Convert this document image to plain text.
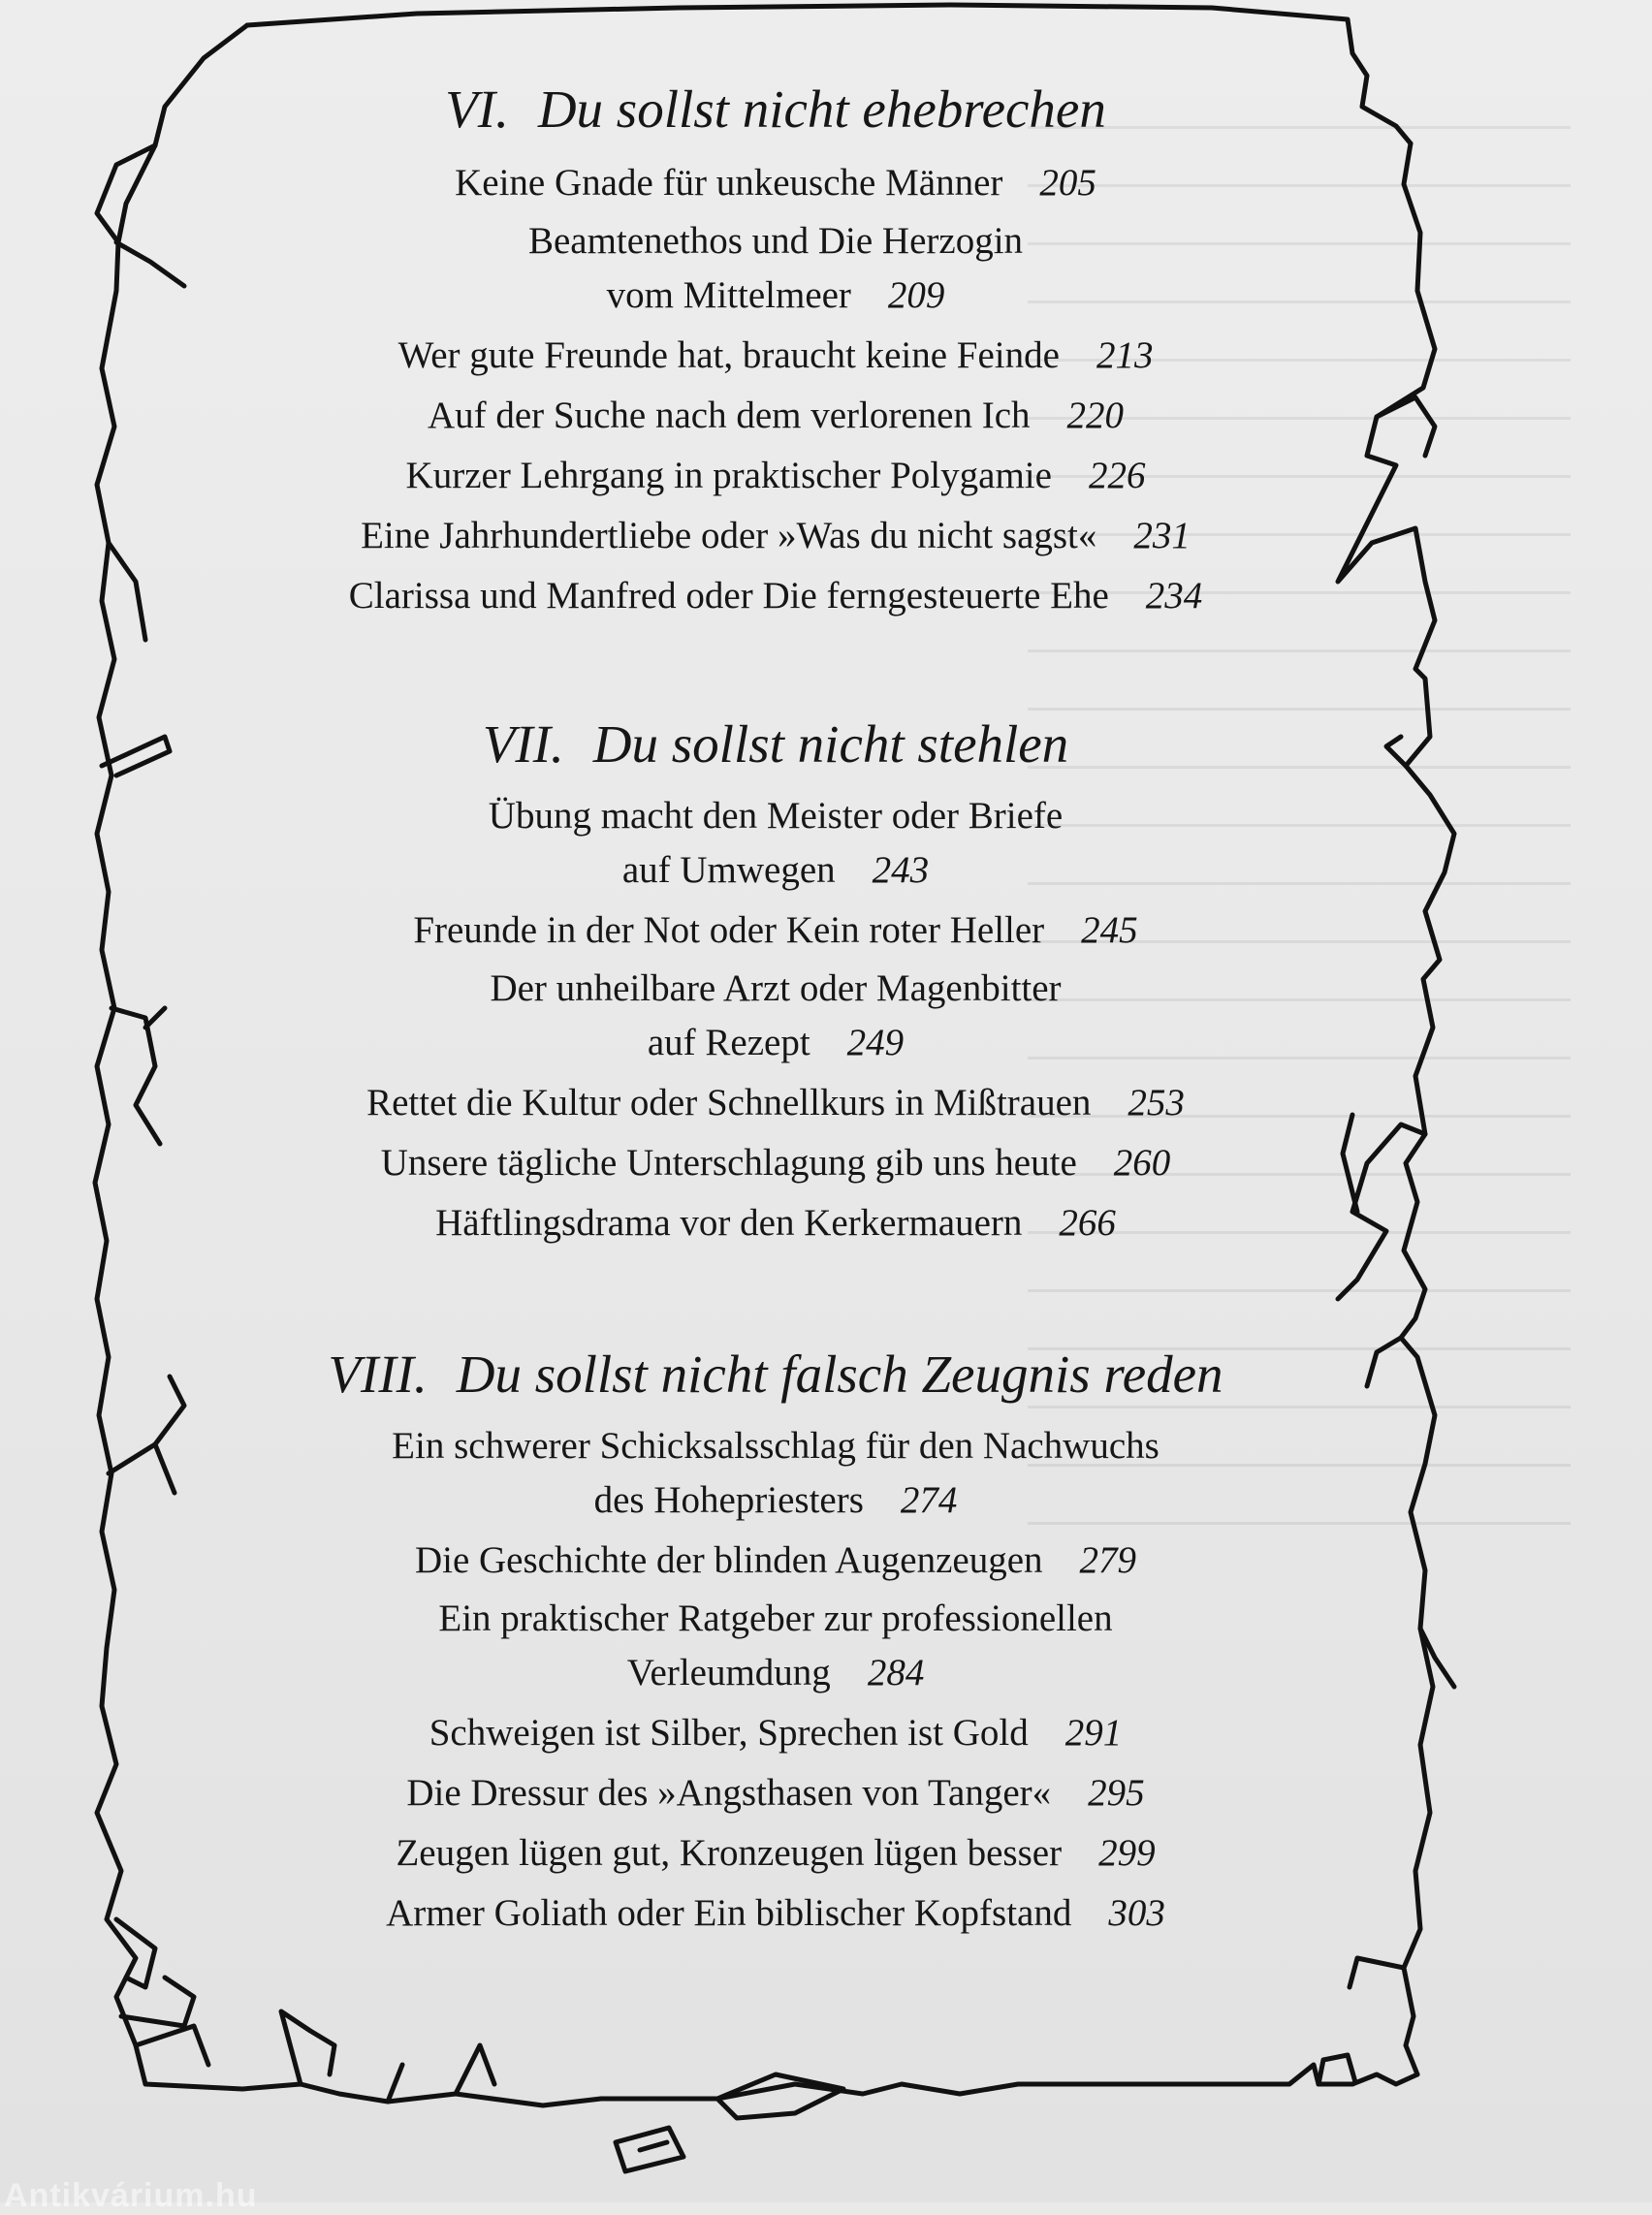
VI. Du sollst nicht ehebrechen
Keine Gnade für unkeusche Männer 205
Beamtenethos und Die Herzogin
vom Mittelmeer 209
Wer gute Freunde hat, braucht keine Feinde 213
Auf der Suche nach dem verlorenen Ich 220
Kurzer Lehrgang in praktischer Polygamie 226
Eine Jahrhundertliebe oder »Was du nicht sagst« 231
Clarissa und Manfred oder Die ferngesteuerte Ehe 234
VII. Du sollst nicht stehlen
Übung macht den Meister oder Briefe
auf Umwegen 243
Freunde in der Not oder Kein roter Heller 245
Der unheilbare Arzt oder Magenbitter
auf Rezept 249
Rettet die Kultur oder Schnellkurs in Mißtrauen 253
Unsere tägliche Unterschlagung gib uns heute 260
Häftlingsdrama vor den Kerkermauern 266
VIII. Du sollst nicht falsch Zeugnis reden
Ein schwerer Schicksalsschlag für den Nachwuchs
des Hohepriesters 274
Die Geschichte der blinden Augenzeugen 279
Ein praktischer Ratgeber zur professionellen
Verleumdung 284
Schweigen ist Silber, Sprechen ist Gold 291
Die Dressur des »Angsthasen von Tanger« 295
Zeugen lügen gut, Kronzeugen lügen besser 299
Armer Goliath oder Ein biblischer Kopfstand 303
Antikvárium.hu
